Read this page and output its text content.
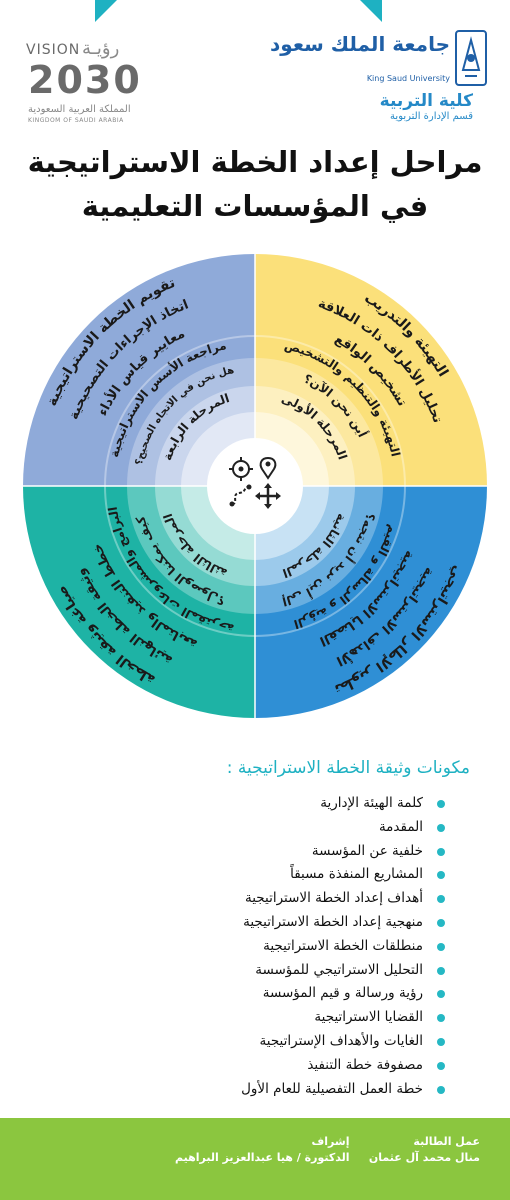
جامعة الملك سعود
King Saud University
كلية التربية
قسم الإدارة التربوية
VISION رؤيـة
2030
المملكة العربية السعودية
KINGDOM OF SAUDI ARABIA
مراحل إعداد الخطة الاستراتيجية
في المؤسسات التعليمية
التهيئة والتدريب
تحليل الأطراف ذات العلاقة
تشخيص الواقع
التهيئة والتنظيم والتشخيص
أين نحن الآن؟
المرحلة الأولى
تطوير الإطار الاستراتيجي
الأهداف الاستراتيجية
القضايا الاستراتيجية
الرؤية و الرسالة و القيم
إلى أين نريد أن نتجه؟
المرحلة الثانية
صياغة وثيقة الخطة
وثيقة الخطة النهائية
خطط التنفيذ والمتابعة
البرامج والمشروعات المقترحة
كيف يمكننا الوصول؟
المرحلة الثالثة
تقويم الخطة الاستراتيجية
اتخاذ الإجراءات التصحيحية
معايير قياس الأداء
مراجعة الأسس الاستراتيجية
هل نحن في الاتجاه الصحيح؟
المرحلة الرابعة
مكونات وثيقة الخطة الاستراتيجية :
كلمة الهيئة الإدارية
المقدمة
خلفية عن المؤسسة
المشاريع المنفذة مسبقاً
أهداف إعداد الخطة الاستراتيجية
منهجية إعداد الخطة الاستراتيجية
منطلقات الخطة الاستراتيجية
التحليل الاستراتيجي للمؤسسة
رؤية ورسالة و قيم المؤسسة
القضايا الاستراتيجية
الغايات والأهداف الإستراتيجية
مصفوفة خطة التنفيذ
خطة العمل التفصيلية للعام الأول
عمل الطالبة
منال محمد آل عثمان
إشراف
الدكتورة / هيا عبدالعزيز البراهيم
